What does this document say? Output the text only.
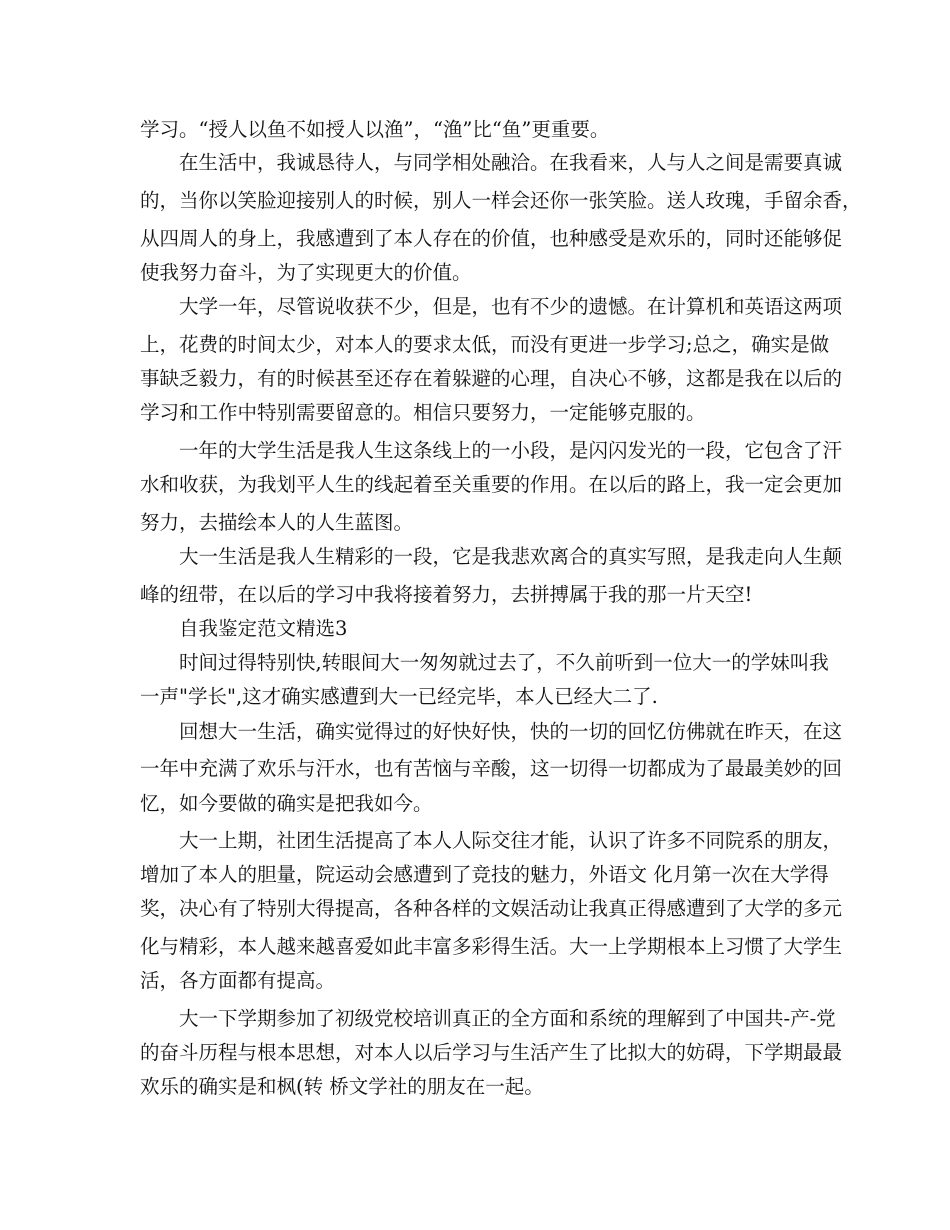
学习。“授人以鱼不如授人以渔”，“渔”比“鱼”更重要。

　　在生活中，我诚恳待人，与同学相处融洽。在我看来，人与人之间是需要真诚

的，当你以笑脸迎接别人的时候，别人一样会还你一张笑脸。送人玫瑰，手留余香，

从四周人的身上，我感遭到了本人存在的价值，也种感受是欢乐的，同时还能够促

使我努力奋斗，为了实现更大的价值。

　　大学一年，尽管说收获不少，但是，也有不少的遗憾。在计算机和英语这两项

上，花费的时间太少，对本人的要求太低，而没有更进一步学习;总之，确实是做

事缺乏毅力，有的时候甚至还存在着躲避的心理，自决心不够，这都是我在以后的

学习和工作中特别需要留意的。相信只要努力，一定能够克服的。

　　一年的大学生活是我人生这条线上的一小段，是闪闪发光的一段，它包含了汗

水和收获，为我划平人生的线起着至关重要的作用。在以后的路上，我一定会更加

努力，去描绘本人的人生蓝图。

　　大一生活是我人生精彩的一段，它是我悲欢离合的真实写照，是我走向人生颠

峰的纽带，在以后的学习中我将接着努力，去拼搏属于我的那一片天空!

　　自我鉴定范文精选3

　　时间过得特别快,转眼间大一匆匆就过去了，不久前听到一位大一的学妹叫我

一声"学长",这才确实感遭到大一已经完毕，本人已经大二了.

　　回想大一生活，确实觉得过的好快好快，快的一切的回忆仿佛就在昨天，在这

一年中充满了欢乐与汗水，也有苦恼与辛酸，这一切得一切都成为了最最美妙的回

忆，如今要做的确实是把我如今。

　　大一上期，社团生活提高了本人人际交往才能，认识了许多不同院系的朋友，

增加了本人的胆量，院运动会感遭到了竞技的魅力，外语文 化月第一次在大学得

奖，决心有了特别大得提高，各种各样的文娱活动让我真正得感遭到了大学的多元

化与精彩，本人越来越喜爱如此丰富多彩得生活。大一上学期根本上习惯了大学生

活，各方面都有提高。

　　大一下学期参加了初级党校培训真正的全方面和系统的理解到了中国共-产-党

的奋斗历程与根本思想，对本人以后学习与生活产生了比拟大的妨碍，下学期最最

欢乐的确实是和枫(转 桥文学社的朋友在一起。
